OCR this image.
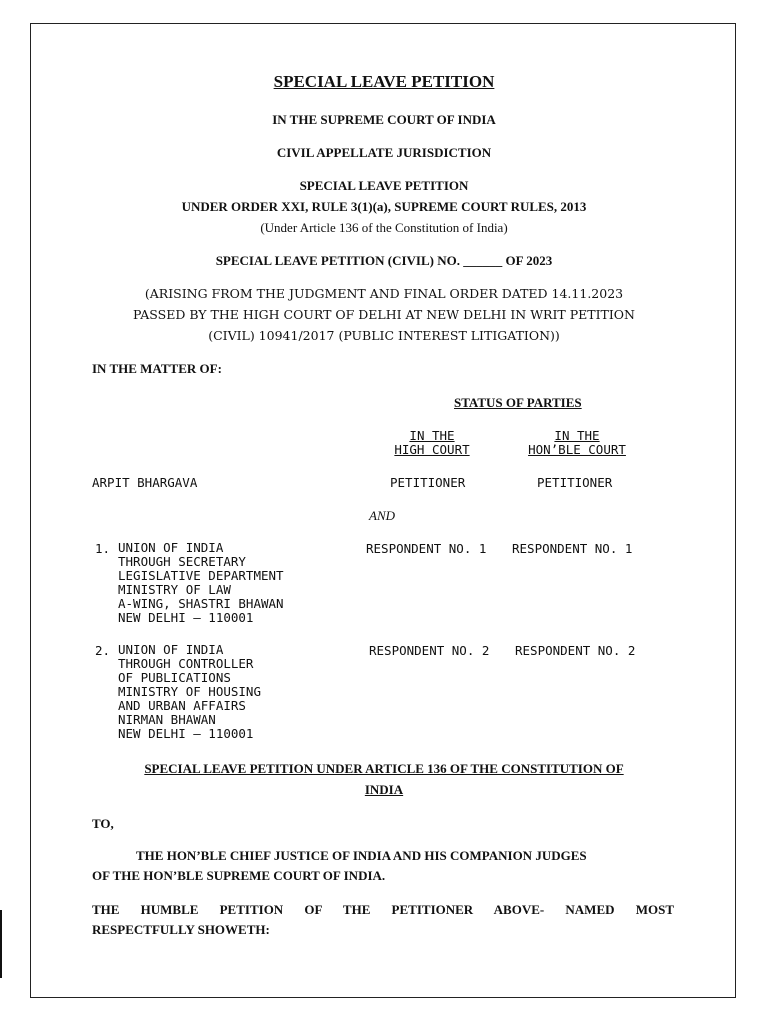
SPECIAL LEAVE PETITION
IN THE SUPREME COURT OF INDIA
CIVIL APPELLATE JURISDICTION
SPECIAL LEAVE PETITION
UNDER ORDER XXI, RULE 3(1)(a), SUPREME COURT RULES, 2013
(Under Article 136 of the Constitution of India)
SPECIAL LEAVE PETITION (CIVIL) NO. ______ OF 2023
(ARISING FROM THE JUDGMENT AND FINAL ORDER DATED 14.11.2023
PASSED BY THE HIGH COURT OF DELHI AT NEW DELHI IN WRIT PETITION
(CIVIL) 10941/2017 (PUBLIC INTEREST LITIGATION))
IN THE MATTER OF:
STATUS OF PARTIES
IN THE
HIGH COURT
IN THE
HON’BLE COURT
ARPIT BHARGAVA	PETITIONER	PETITIONER
AND
1. UNION OF INDIA
THROUGH SECRETARY
LEGISLATIVE DEPARTMENT
MINISTRY OF LAW
A-WING, SHASTRI BHAWAN
NEW DELHI – 110001
RESPONDENT NO. 1 RESPONDENT NO. 1
2. UNION OF INDIA
THROUGH CONTROLLER
OF PUBLICATIONS
MINISTRY OF HOUSING
AND URBAN AFFAIRS
NIRMAN BHAWAN
NEW DELHI – 110001
RESPONDENT NO. 2 RESPONDENT NO. 2
SPECIAL LEAVE PETITION UNDER ARTICLE 136 OF THE CONSTITUTION OF
INDIA
TO,
THE HON’BLE CHIEF JUSTICE OF INDIA AND HIS COMPANION JUDGES
OF THE HON’BLE SUPREME COURT OF INDIA.
THE HUMBLE PETITION OF THE PETITIONER ABOVE- NAMED MOST
RESPECTFULLY SHOWETH:
